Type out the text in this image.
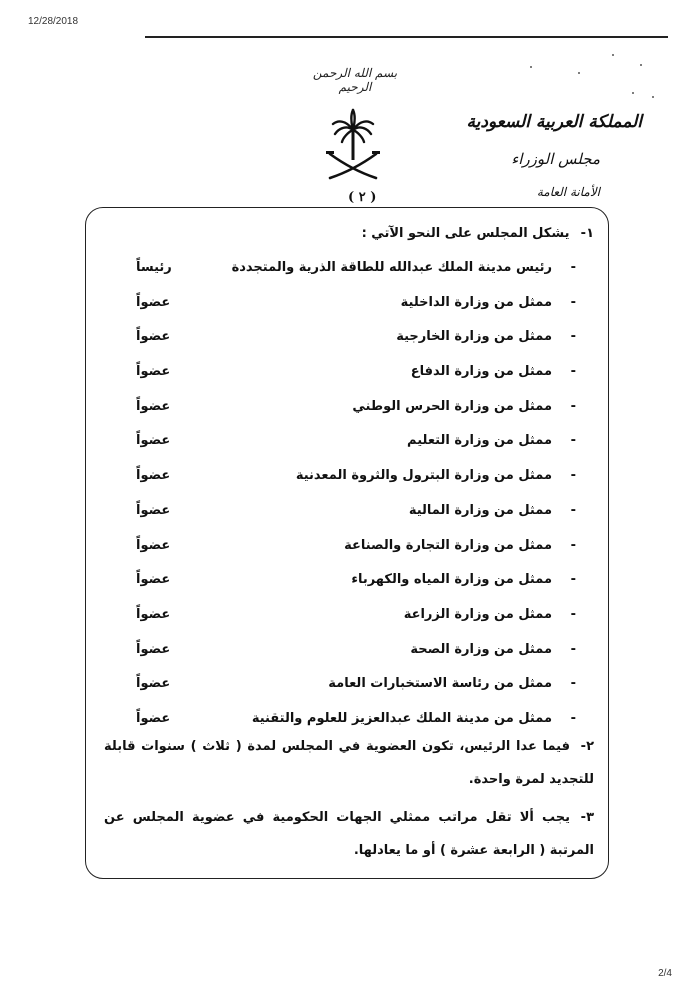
12/28/2018
بسم الله الرحمن الرحيم
المملكة العربية السعودية
مجلس الوزراء
الأمانة العامة
( ٢ )
١- يشكل المجلس على النحو الآتي :
-
رئيس مدينة الملك عبدالله للطاقة الذرية والمتجددة
رئيساً
-
ممثل من وزارة الداخلية
عضواً
-
ممثل من وزارة الخارجية
عضواً
-
ممثل من وزارة الدفاع
عضواً
-
ممثل من وزارة الحرس الوطني
عضواً
-
ممثل من وزارة التعليم
عضواً
-
ممثل من وزارة البترول والثروة المعدنية
عضواً
-
ممثل من وزارة المالية
عضواً
-
ممثل من وزارة التجارة والصناعة
عضواً
-
ممثل من وزارة المياه والكهرباء
عضواً
-
ممثل من وزارة الزراعة
عضواً
-
ممثل من وزارة الصحة
عضواً
-
ممثل من رئاسة الاستخبارات العامة
عضواً
-
ممثل من مدينة الملك عبدالعزيز للعلوم والتقنية
عضواً
٢-فيما عدا الرئيس، تكون العضوية في المجلس لمدة ( ثلاث ) سنوات قابلة للتجديد لمرة واحدة.
٣-يجب ألا تقل مراتب ممثلي الجهات الحكومية في عضوية المجلس عن المرتبة ( الرابعة عشرة ) أو ما يعادلها.
2/4
